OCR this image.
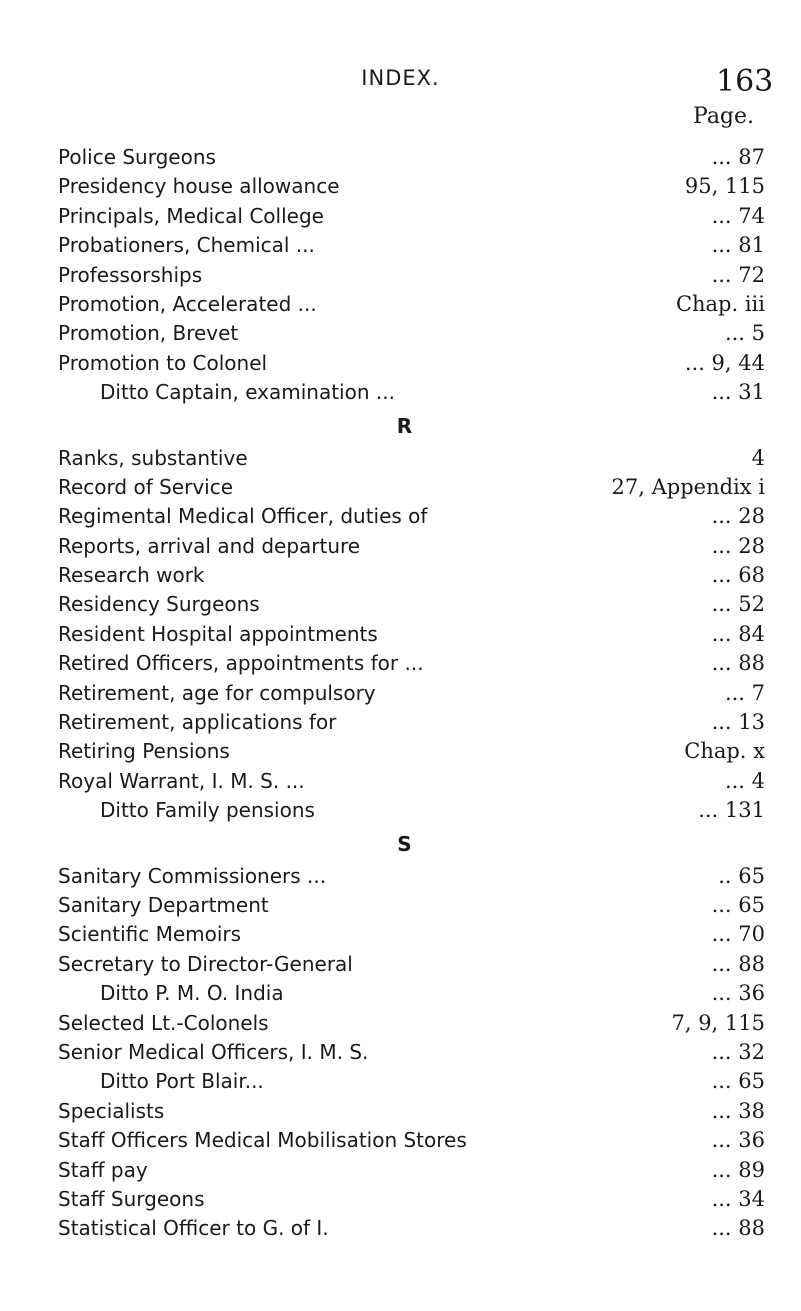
INDEX.	163
Page.
Police Surgeons	... 87
Presidency house allowance	95, 115
Principals, Medical College	... 74
Probationers, Chemical ...	... 81
Professorships	... 72
Promotion, Accelerated ...	Chap. iii
Promotion, Brevet	... 5
Promotion to Colonel	... 9, 44
Ditto Captain, examination ...	... 31
R
Ranks, substantive	4
Record of Service	27, Appendix i
Regimental Medical Officer, duties of	... 28
Reports, arrival and departure	... 28
Research work	... 68
Residency Surgeons	... 52
Resident Hospital appointments	... 84
Retired Officers, appointments for ...	... 88
Retirement, age for compulsory	... 7
Retirement, applications for	... 13
Retiring Pensions	Chap. x
Royal Warrant, I. M. S. ...	... 4
Ditto Family pensions	... 131
S
Sanitary Commissioners ...	.. 65
Sanitary Department	... 65
Scientific Memoirs	... 70
Secretary to Director-General	... 88
Ditto P. M. O. India	... 36
Selected Lt.-Colonels	7, 9, 115
Senior Medical Officers, I. M. S.	... 32
Ditto Port Blair...	... 65
Specialists	... 38
Staff Officers Medical Mobilisation Stores	... 36
Staff pay	... 89
Staff Surgeons	... 34
Statistical Officer to G. of I.	... 88
